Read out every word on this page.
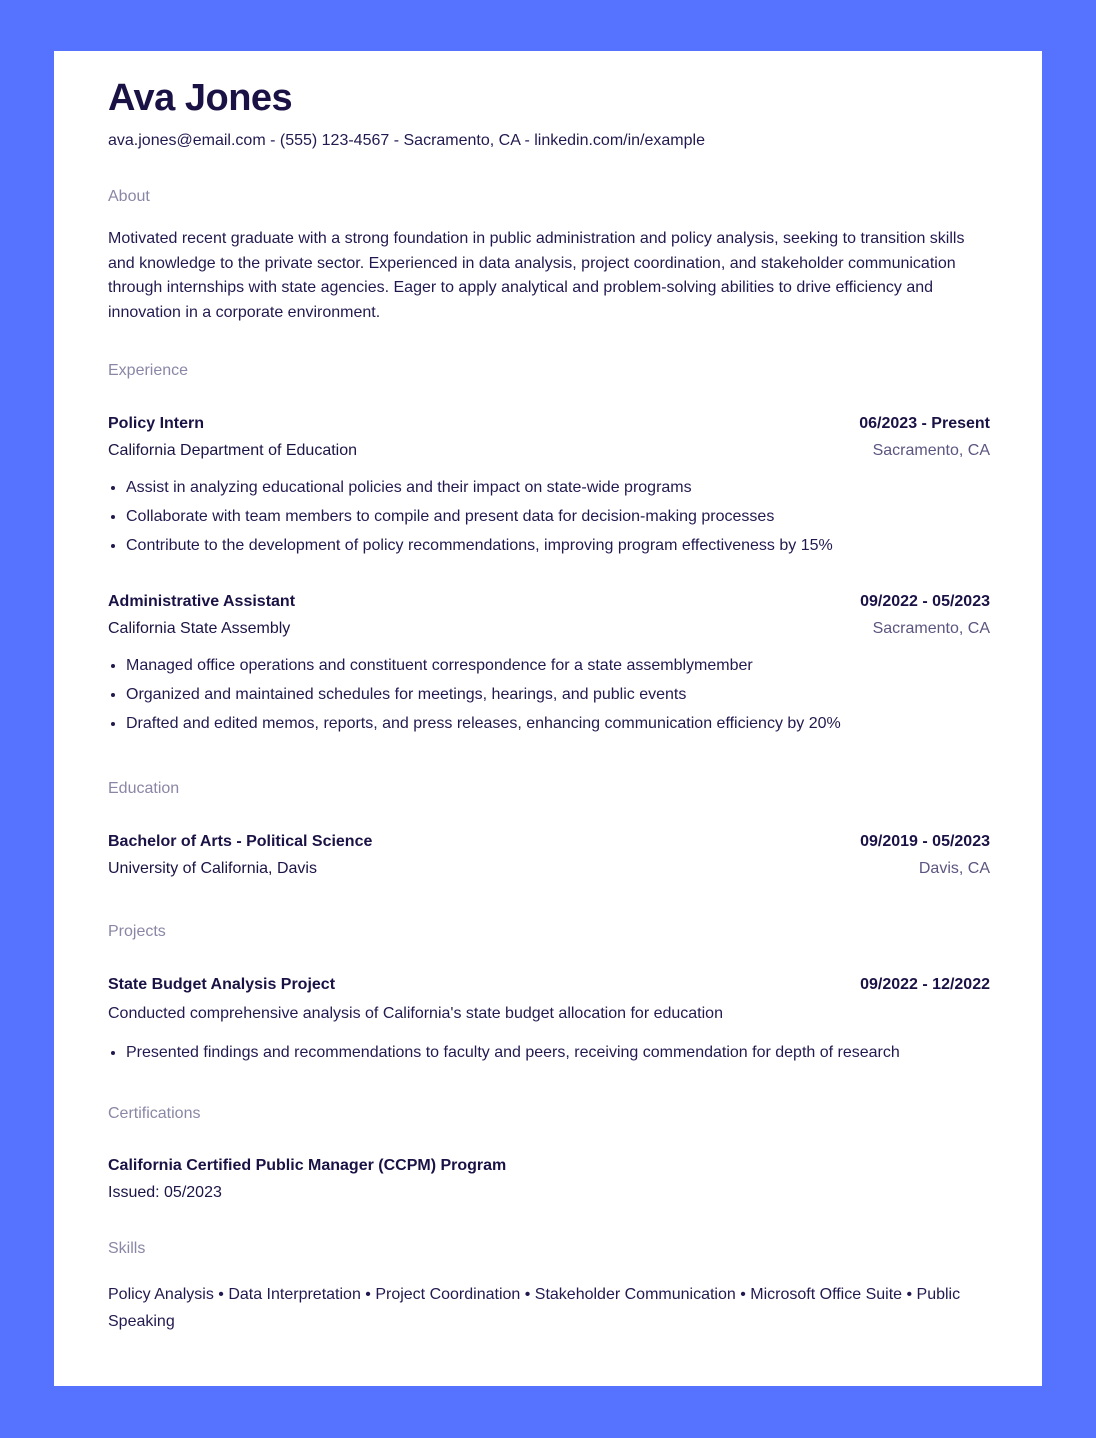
Ava Jones
ava.jones@email.com - (555) 123-4567 - Sacramento, CA - linkedin.com/in/example
About
Motivated recent graduate with a strong foundation in public administration and policy analysis, seeking to transition skills and knowledge to the private sector. Experienced in data analysis, project coordination, and stakeholder communication through internships with state agencies. Eager to apply analytical and problem-solving abilities to drive efficiency and innovation in a corporate environment.
Experience
Policy Intern	06/2023 - Present
California Department of Education	Sacramento, CA
• Assist in analyzing educational policies and their impact on state-wide programs
• Collaborate with team members to compile and present data for decision-making processes
• Contribute to the development of policy recommendations, improving program effectiveness by 15%
Administrative Assistant	09/2022 - 05/2023
California State Assembly	Sacramento, CA
• Managed office operations and constituent correspondence for a state assemblymember
• Organized and maintained schedules for meetings, hearings, and public events
• Drafted and edited memos, reports, and press releases, enhancing communication efficiency by 20%
Education
Bachelor of Arts - Political Science	09/2019 - 05/2023
University of California, Davis	Davis, CA
Projects
State Budget Analysis Project	09/2022 - 12/2022
Conducted comprehensive analysis of California's state budget allocation for education
• Presented findings and recommendations to faculty and peers, receiving commendation for depth of research
Certifications
California Certified Public Manager (CCPM) Program
Issued: 05/2023
Skills
Policy Analysis • Data Interpretation • Project Coordination • Stakeholder Communication • Microsoft Office Suite • Public Speaking
